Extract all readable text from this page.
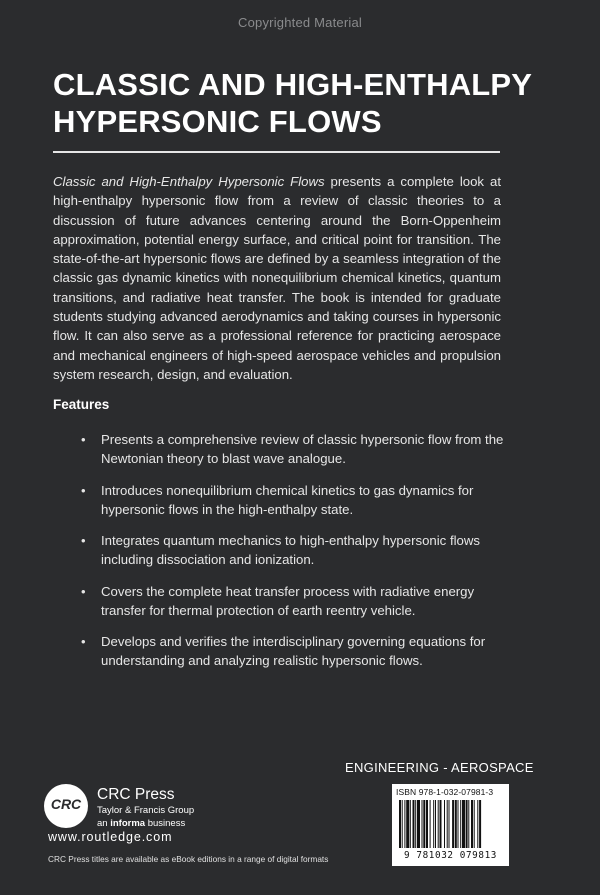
Copyrighted Material
CLASSIC AND HIGH-ENTHALPY
HYPERSONIC FLOWS

Classic and High-Enthalpy Hypersonic Flows presents a complete look at high-enthalpy hypersonic flow from a review of classic theories to a discussion of future advances centering around the Born-Oppenheim approximation, potential energy surface, and critical point for transition. The state-of-the-art hypersonic flows are defined by a seamless integration of the classic gas dynamic kinetics with nonequilibrium chemical kinetics, quantum transitions, and radiative heat transfer. The book is intended for graduate students studying advanced aerodynamics and taking courses in hypersonic flow. It can also serve as a professional reference for practicing aerospace and mechanical engineers of high-speed aerospace vehicles and propulsion system research, design, and evaluation.

Features
• Presents a comprehensive review of classic hypersonic flow from the Newtonian theory to blast wave analogue.
• Introduces nonequilibrium chemical kinetics to gas dynamics for hypersonic flows in the high-enthalpy state.
• Integrates quantum mechanics to high-enthalpy hypersonic flows including dissociation and ionization.
• Covers the complete heat transfer process with radiative energy transfer for thermal protection of earth reentry vehicle.
• Develops and verifies the interdisciplinary governing equations for understanding and analyzing realistic hypersonic flows.
ENGINEERING - AEROSPACE
CRC
CRC Press
Taylor & Francis Group
an informa business
www.routledge.com
CRC Press titles are available as eBook editions in a range of digital formats
ISBN 978-1-032-07981-3
9 781032 079813
